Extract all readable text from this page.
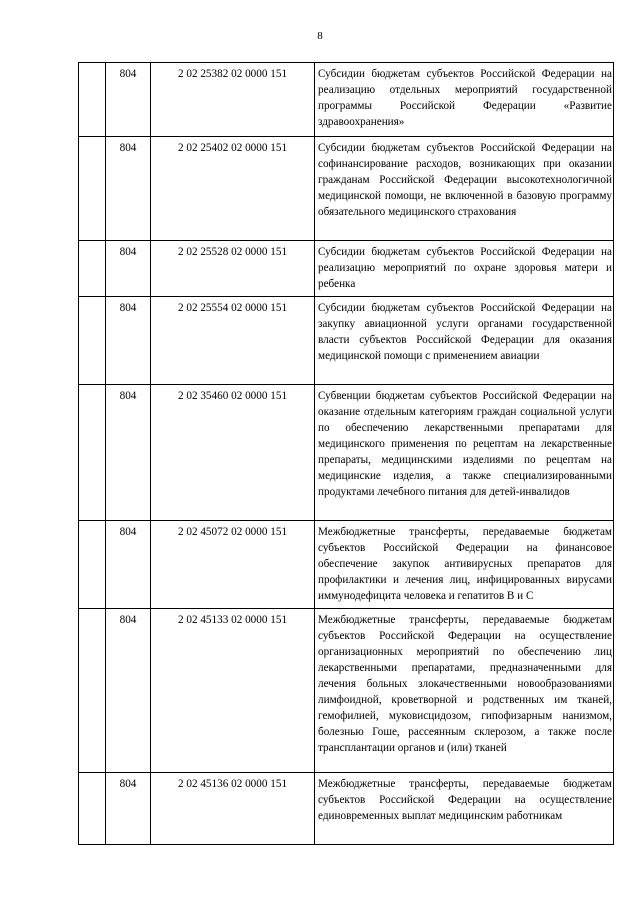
8
	804	2 02 25382 02 0000 151	Субсидии бюджетам субъектов Российской Федерации на реализацию отдельных мероприятий государственной программы Российской Федерации «Развитие здравоохранения»
	804	2 02 25402 02 0000 151	Субсидии бюджетам субъектов Российской Федерации на софинансирование расходов, возникающих при оказании гражданам Российской Федерации высокотехнологичной медицинской помощи, не включенной в базовую программу обязательного медицинского страхования
	804	2 02 25528 02 0000 151	Субсидии бюджетам субъектов Российской Федерации на реализацию мероприятий по охране здоровья матери и ребенка
	804	2 02 25554 02 0000 151	Субсидии бюджетам субъектов Российской Федерации на закупку авиационной услуги органами государственной власти субъектов Российской Федерации для оказания медицинской помощи с применением авиации
	804	2 02 35460 02 0000 151	Субвенции бюджетам субъектов Российской Федерации на оказание отдельным категориям граждан социальной услуги по обеспечению лекарственными препаратами для медицинского применения по рецептам на лекарственные препараты, медицинскими изделиями по рецептам на медицинские изделия, а также специализированными продуктами лечебного питания для детей-инвалидов
	804	2 02 45072 02 0000 151	Межбюджетные трансферты, передаваемые бюджетам субъектов Российской Федерации на финансовое обеспечение закупок антивирусных препаратов для профилактики и лечения лиц, инфицированных вирусами иммунодефицита человека и гепатитов B и C
	804	2 02 45133 02 0000 151	Межбюджетные трансферты, передаваемые бюджетам субъектов Российской Федерации на осуществление организационных мероприятий по обеспечению лиц лекарственными препаратами, предназначенными для лечения больных злокачественными новообразованиями лимфоидной, кроветворной и родственных им тканей, гемофилией, муковисцидозом, гипофизарным нанизмом, болезнью Гоше, рассеянным склерозом, а также после трансплантации органов и (или) тканей
	804	2 02 45136 02 0000 151	Межбюджетные трансферты, передаваемые бюджетам субъектов Российской Федерации на осуществление единовременных выплат медицинским работникам
